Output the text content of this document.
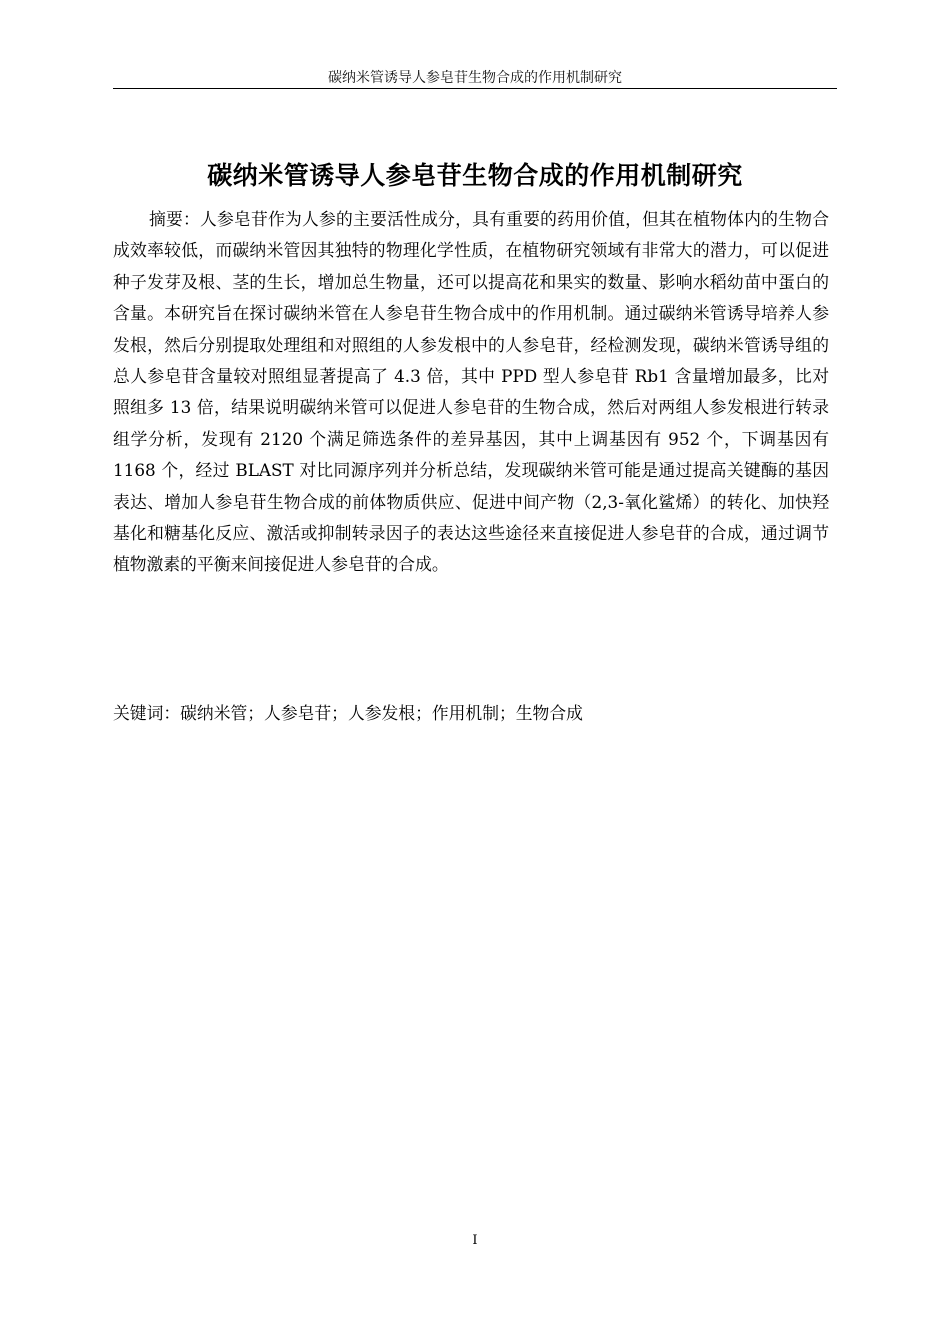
碳纳米管诱导人参皂苷生物合成的作用机制研究
碳纳米管诱导人参皂苷生物合成的作用机制研究

摘要：人参皂苷作为人参的主要活性成分，具有重要的药用价值，但其在植物体内的生物合成效率较低，而碳纳米管因其独特的物理化学性质，在植物研究领域有非常大的潜力，可以促进种子发芽及根、茎的生长，增加总生物量，还可以提高花和果实的数量、影响水稻幼苗中蛋白的含量。本研究旨在探讨碳纳米管在人参皂苷生物合成中的作用机制。通过碳纳米管诱导培养人参发根，然后分别提取处理组和对照组的人参发根中的人参皂苷，经检测发现，碳纳米管诱导组的总人参皂苷含量较对照组显著提高了 4.3 倍，其中 PPD 型人参皂苷 Rb1 含量增加最多，比对照组多 13 倍，结果说明碳纳米管可以促进人参皂苷的生物合成，然后对两组人参发根进行转录组学分析，发现有 2120 个满足筛选条件的差异基因，其中上调基因有 952 个，下调基因有 1168 个，经过 BLAST 对比同源序列并分析总结，发现碳纳米管可能是通过提高关键酶的基因表达、增加人参皂苷生物合成的前体物质供应、促进中间产物（2,3-氧化鲨烯）的转化、加快羟基化和糖基化反应、激活或抑制转录因子的表达这些途径来直接促进人参皂苷的合成，通过调节植物激素的平衡来间接促进人参皂苷的合成。

关键词：碳纳米管；人参皂苷；人参发根；作用机制；生物合成

I
